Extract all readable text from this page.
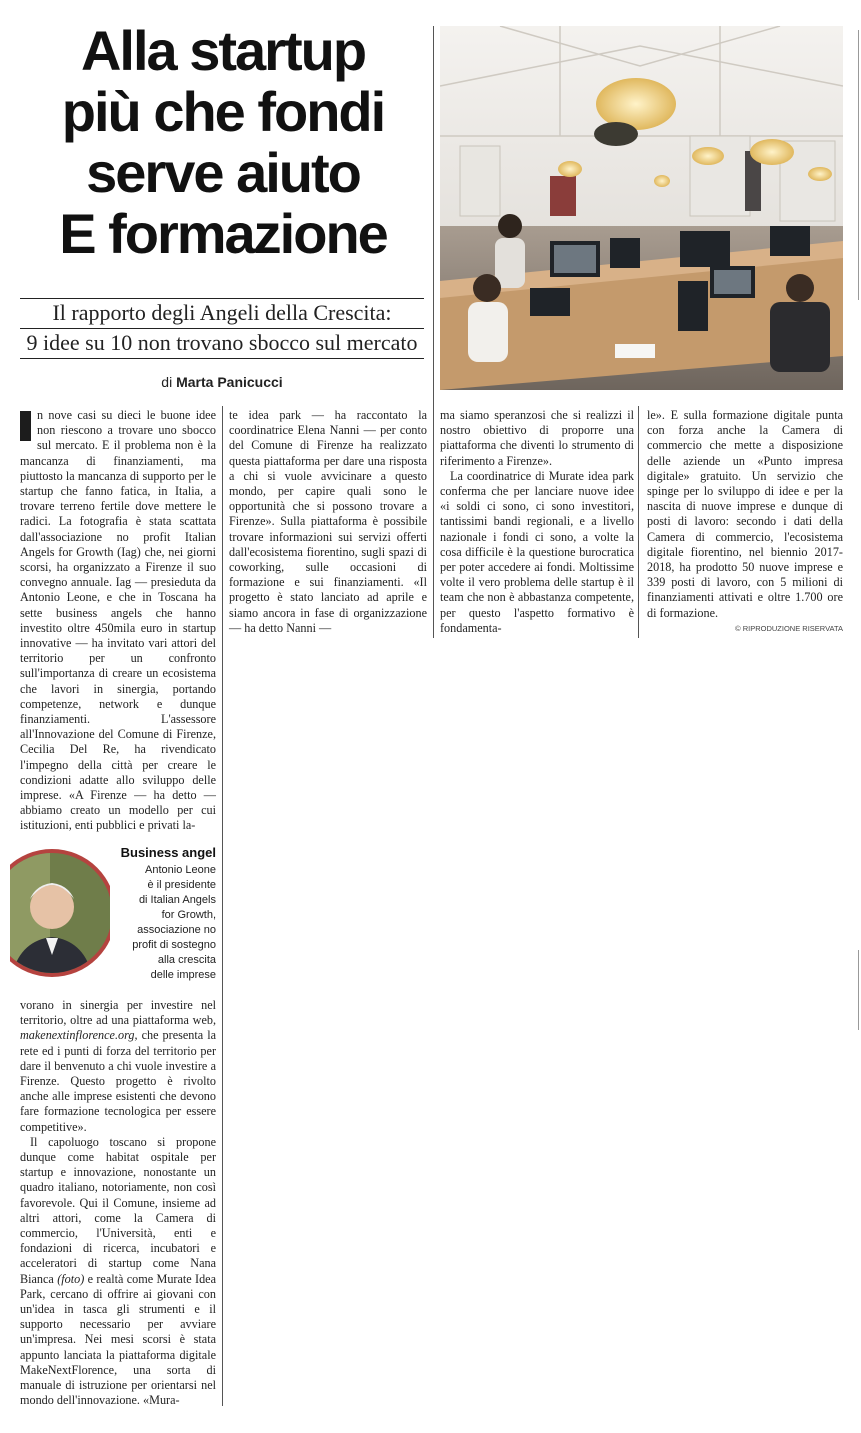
Alla startup
più che fondi
serve aiuto
E formazione
Il rapporto degli Angeli della Crescita:
9 idee su 10 non trovano sbocco sul mercato
di Marta Panicucci

n nove casi su dieci le buone idee non riescono a trovare uno sbocco sul mercato. E il problema non è la mancanza di finanziamenti, ma piuttosto la mancanza di supporto per le startup che fanno fatica, in Italia, a trovare terreno fertile dove mettere le radici. La fotografia è stata scattata dall'associazione no profit Italian Angels for Growth (Iag) che, nei giorni scorsi, ha organizzato a Firenze il suo convegno annuale. Iag — presieduta da Antonio Leone, e che in Toscana ha sette business angels che hanno investito oltre 450mila euro in startup innovative — ha invitato vari attori del territorio per un confronto sull'importanza di creare un ecosistema che lavori in sinergia, portando competenze, network e dunque finanziamenti. L'assessore all'Innovazione del Comune di Firenze, Cecilia Del Re, ha rivendicato l'impegno della città per creare le condizioni adatte allo sviluppo delle imprese. «A Firenze — ha detto — abbiamo creato un modello per cui istituzioni, enti pubblici e privati la-

Business angel
Antonio Leone
è il presidente
di Italian Angels
for Growth,
associazione no
profit di sostegno
alla crescita
delle imprese

vorano in sinergia per investire nel territorio, oltre ad una piattaforma web, makenextinflorence.org, che presenta la rete ed i punti di forza del territorio per dare il benvenuto a chi vuole investire a Firenze. Questo progetto è rivolto anche alle imprese esistenti che devono fare formazione tecnologica per essere competitive».

Il capoluogo toscano si propone dunque come habitat ospitale per startup e innovazione, nonostante un quadro italiano, notoriamente, non così favorevole. Qui il Comune, insieme ad altri attori, come la Camera di commercio, l'Università, enti e fondazioni di ricerca, incubatori e acceleratori di startup come Nana Bianca (foto) e realtà come Murate Idea Park, cercano di offrire ai giovani con un'idea in tasca gli strumenti e il supporto necessario per avviare un'impresa. Nei mesi scorsi è stata appunto lanciata la piattaforma digitale MakeNextFlorence, una sorta di manuale di istruzione per orientarsi nel mondo dell'innovazione. «Mura-

te idea park — ha raccontato la coordinatrice Elena Nanni — per conto del Comune di Firenze ha realizzato questa piattaforma per dare una risposta a chi si vuole avvicinare a questo mondo, per capire quali sono le opportunità che si possono trovare a Firenze». Sulla piattaforma è possibile trovare informazioni sui servizi offerti dall'ecosistema fiorentino, sugli spazi di coworking, sulle occasioni di formazione e sui finanziamenti. «Il progetto è stato lanciato ad aprile e siamo ancora in fase di organizzazione — ha detto Nanni —

ma siamo speranzosi che si realizzi il nostro obiettivo di proporre una piattaforma che diventi lo strumento di riferimento a Firenze».

La coordinatrice di Murate idea park conferma che per lanciare nuove idee «i soldi ci sono, ci sono investitori, tantissimi bandi regionali, e a livello nazionale i fondi ci sono, a volte la cosa difficile è la questione burocratica per poter accedere ai fondi. Moltissime volte il vero problema delle startup è il team che non è abbastanza competente, per questo l'aspetto formativo è fondamenta-

le». E sulla formazione digitale punta con forza anche la Camera di commercio che mette a disposizione delle aziende un «Punto impresa digitale» gratuito. Un servizio che spinge per lo sviluppo di idee e per la nascita di nuove imprese e dunque di posti di lavoro: secondo i dati della Camera di commercio, l'ecosistema digitale fiorentino, nel biennio 2017-2018, ha prodotto 50 nuove imprese e 339 posti di lavoro, con 5 milioni di finanziamenti attivati e oltre 1.700 ore di formazione.

© RIPRODUZIONE RISERVATA
